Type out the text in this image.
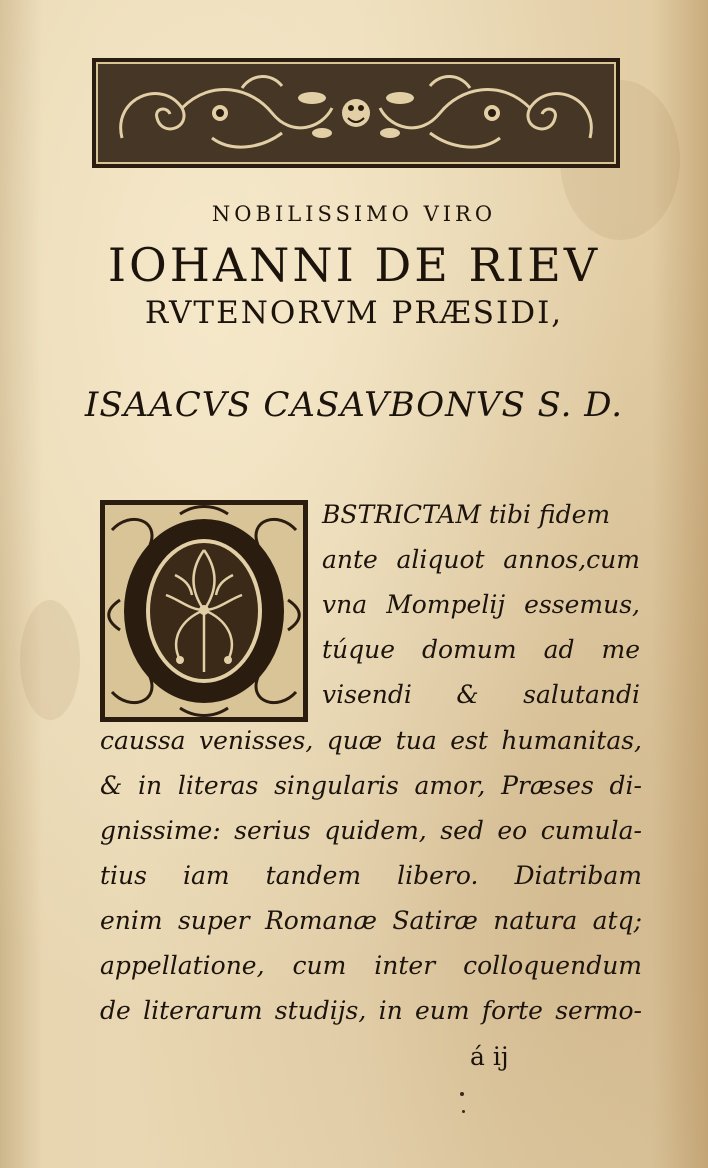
NOBILISSIMO VIRO
IOHANNI DE RIEV
RVTENORVM PRÆSIDI,
ISAACVS CASAVBONVS S. D.
BSTRICTAM tibi fidem
ante aliquot annos,cum
vna Mompelij essemus,
túque domum ad me
visendi & salutandi
caussa venisses, quæ tua est humanitas,
& in literas singularis amor, Præses di-
gnissime: serius quidem, sed eo cumula-
tius iam tandem libero. Diatribam
enim super Romanæ Satiræ natura atq;
appellatione, cum inter colloquendum
de literarum studijs, in eum forte sermo-
á ij
